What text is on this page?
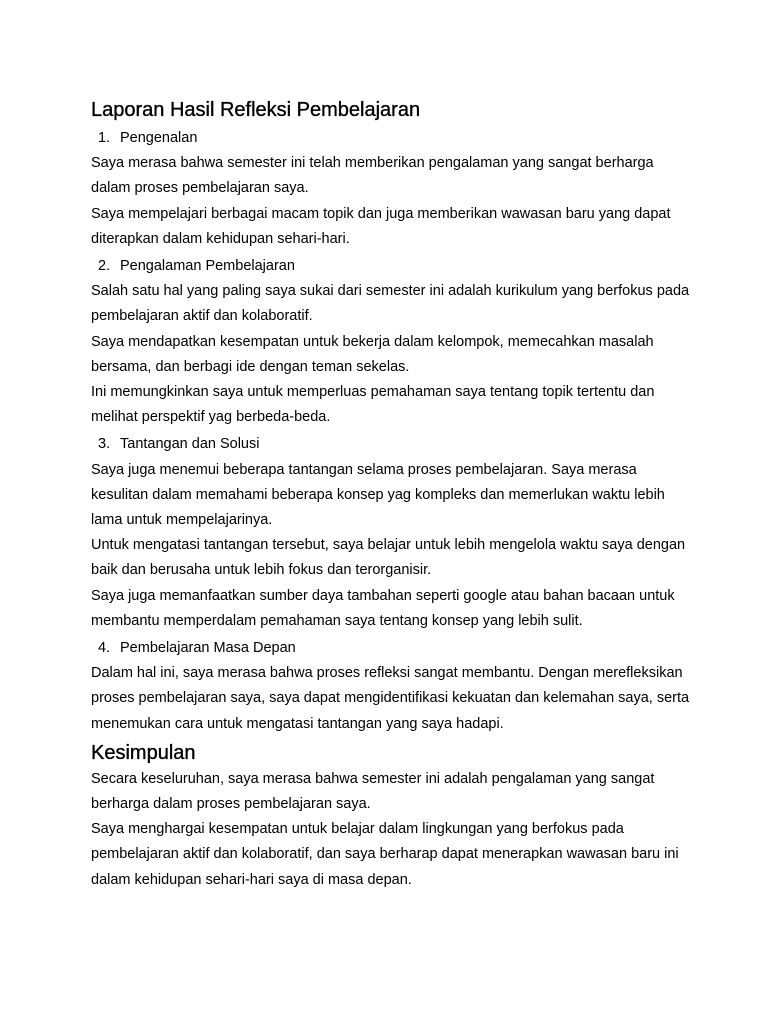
Laporan Hasil Refleksi Pembelajaran
1. Pengenalan

Saya merasa bahwa semester ini telah memberikan pengalaman yang sangat berharga dalam proses pembelajaran saya.

Saya mempelajari berbagai macam topik dan juga memberikan wawasan baru yang dapat diterapkan dalam kehidupan sehari-hari.

2. Pengalaman Pembelajaran

Salah satu hal yang paling saya sukai dari semester ini adalah kurikulum yang berfokus pada pembelajaran aktif dan kolaboratif.

Saya mendapatkan kesempatan untuk bekerja dalam kelompok, memecahkan masalah bersama, dan berbagi ide dengan teman sekelas.

Ini memungkinkan saya untuk memperluas pemahaman saya tentang topik tertentu dan melihat perspektif yag berbeda-beda.

3. Tantangan dan Solusi

Saya juga menemui beberapa tantangan selama proses pembelajaran. Saya merasa kesulitan dalam memahami beberapa konsep yag kompleks dan memerlukan waktu lebih lama untuk mempelajarinya.

Untuk mengatasi tantangan tersebut, saya belajar untuk lebih mengelola waktu saya dengan baik dan berusaha untuk lebih fokus dan terorganisir.

Saya juga memanfaatkan sumber daya tambahan seperti google atau bahan bacaan untuk membantu memperdalam pemahaman saya tentang konsep yang lebih sulit.

4. Pembelajaran Masa Depan

Dalam hal ini, saya merasa bahwa proses refleksi sangat membantu. Dengan merefleksikan proses pembelajaran saya, saya dapat mengidentifikasi kekuatan dan kelemahan saya, serta menemukan cara untuk mengatasi tantangan yang saya hadapi.

Kesimpulan

Secara keseluruhan, saya merasa bahwa semester ini adalah pengalaman yang sangat berharga dalam proses pembelajaran saya.

Saya menghargai kesempatan untuk belajar dalam lingkungan yang berfokus pada pembelajaran aktif dan kolaboratif, dan saya berharap dapat menerapkan wawasan baru ini dalam kehidupan sehari-hari saya di masa depan.
